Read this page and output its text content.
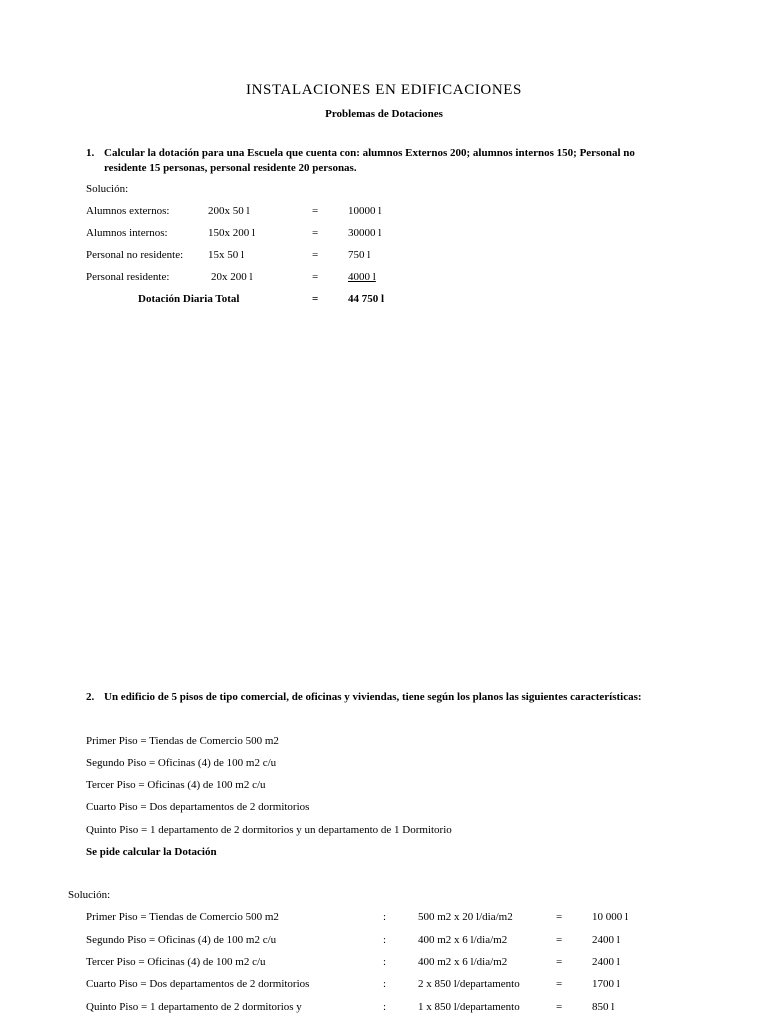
INSTALACIONES EN EDIFICACIONES
Problemas de Dotaciones
1. Calcular la dotación para una Escuela que cuenta con: alumnos Externos 200; alumnos internos 150; Personal no
residente 15 personas, personal residente 20 personas.
Solución:
Alumnos externos:	200x 50 l	=	10000 l
Alumnos internos:	150x 200 l	=	30000 l
Personal no residente: 15x 50 l	=	750 l
Personal residente:	20x 200 l	=	4000 l
Dotación Diaria Total	=	44 750 l
2. Un edificio de 5 pisos de tipo comercial, de oficinas y viviendas, tiene según los planos las siguientes características:
Primer Piso = Tiendas de Comercio 500 m2
Segundo Piso = Oficinas (4) de 100 m2 c/u
Tercer Piso = Oficinas (4) de 100 m2 c/u
Cuarto Piso = Dos departamentos de 2 dormitorios
Quinto Piso = 1 departamento de 2 dormitorios y un departamento de 1 Dormitorio
Se pide calcular la Dotación
Solución:
Primer Piso = Tiendas de Comercio 500 m2	:	500 m2 x 20 l/dia/m2	=	10 000 l
Segundo Piso = Oficinas (4) de 100 m2 c/u	:	400 m2 x 6 l/dia/m2	=	2400 l
Tercer Piso = Oficinas (4) de 100 m2 c/u	:	400 m2 x 6 l/dia/m2	=	2400 l
Cuarto Piso = Dos departamentos de 2 dormitorios	:	2 x 850 l/departamento	=	1700 l
Quinto Piso = 1 departamento de 2 dormitorios y	:	1 x 850 l/departamento	=	850 l
